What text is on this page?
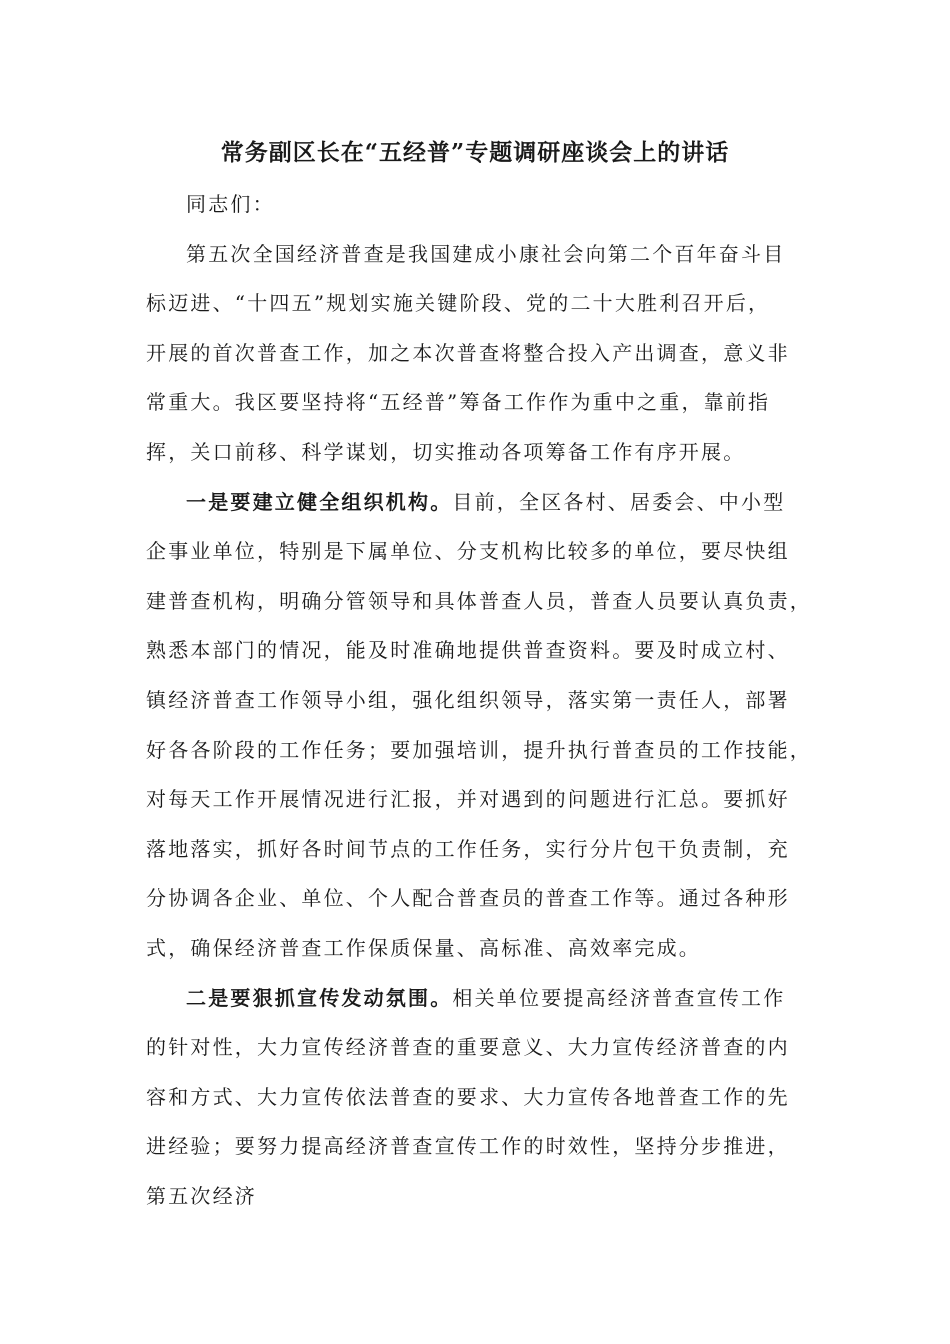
常务副区长在“五经普”专题调研座谈会上的讲话

同志们：

第五次全国经济普查是我国建成小康社会向第二个百年奋斗目

标迈进、“十四五”规划实施关键阶段、党的二十大胜利召开后，

开展的首次普查工作，加之本次普查将整合投入产出调查，意义非

常重大。我区要坚持将“五经普”筹备工作作为重中之重，靠前指

挥，关口前移、科学谋划，切实推动各项筹备工作有序开展。

一是要建立健全组织机构。目前，全区各村、居委会、中小型

企事业单位，特别是下属单位、分支机构比较多的单位，要尽快组

建普查机构，明确分管领导和具体普查人员，普查人员要认真负责，

熟悉本部门的情况，能及时准确地提供普查资料。要及时成立村、

镇经济普查工作领导小组，强化组织领导，落实第一责任人，部署

好各各阶段的工作任务；要加强培训，提升执行普查员的工作技能，

对每天工作开展情况进行汇报，并对遇到的问题进行汇总。要抓好

落地落实，抓好各时间节点的工作任务，实行分片包干负责制，充

分协调各企业、单位、个人配合普查员的普查工作等。通过各种形

式，确保经济普查工作保质保量、高标准、高效率完成。

二是要狠抓宣传发动氛围。相关单位要提高经济普查宣传工作

的针对性，大力宣传经济普查的重要意义、大力宣传经济普查的内

容和方式、大力宣传依法普查的要求、大力宣传各地普查工作的先

进经验；要努力提高经济普查宣传工作的时效性，坚持分步推进，

第五次经济
